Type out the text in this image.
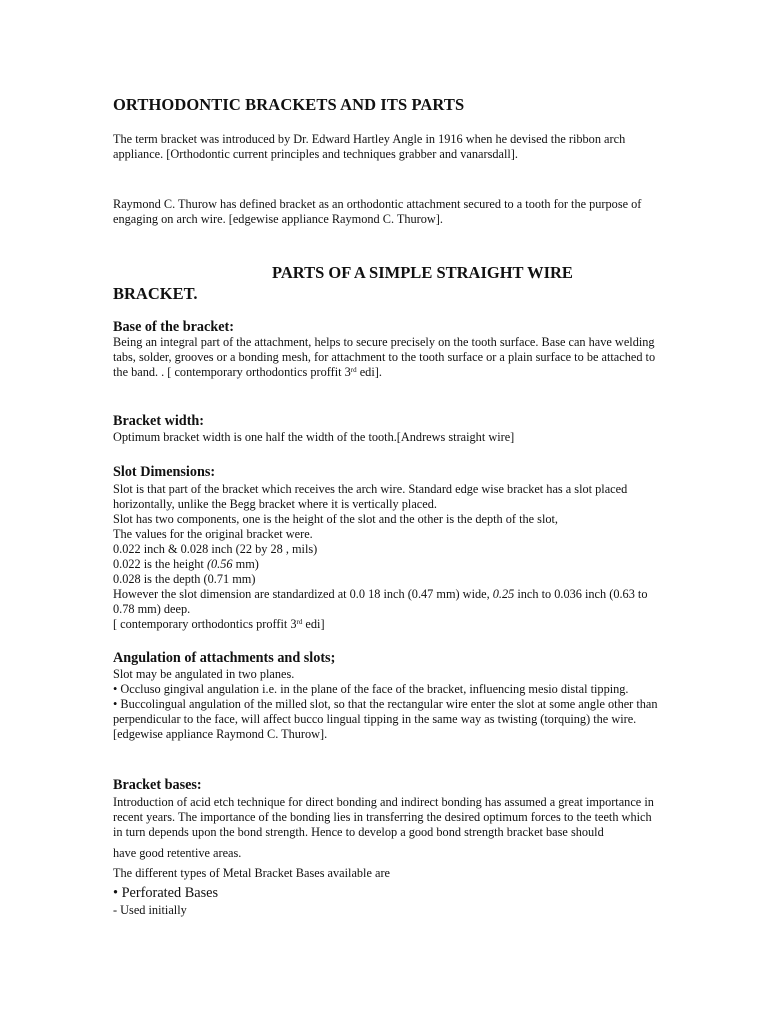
ORTHODONTIC BRACKETS AND ITS PARTS

The term bracket was introduced by Dr. Edward Hartley Angle in 1916 when he devised the ribbon arch appliance. [Orthodontic current principles and techniques grabber and vanarsdall].

Raymond C. Thurow has defined bracket as an orthodontic attachment secured to a tooth for the purpose of engaging on arch wire. [edgewise appliance Raymond C. Thurow].

PARTS OF A SIMPLE STRAIGHT WIRE
BRACKET.
Base of the bracket:

Being an integral part of the attachment, helps to secure precisely on the tooth surface. Base can have welding tabs, solder, grooves or a bonding mesh, for attachment to the tooth surface or a plain surface to be attached to the band. . [ contemporary orthodontics proffit 3rd edi].

Bracket width:

Optimum bracket width is one half the width of the tooth.[Andrews straight wire]

Slot Dimensions:
Slot is that part of the bracket which receives the arch wire. Standard edge wise bracket has a slot placed horizontally, unlike the Begg bracket where it is vertically placed.
Slot has two components, one is the height of the slot and the other is the depth of the slot,
The values for the original bracket were.
0.022 inch & 0.028 inch (22 by 28 , mils)
0.022 is the height (0.56 mm)
0.028 is the depth (0.71 mm)
However the slot dimension are standardized at 0.0 18 inch (0.47 mm) wide, 0.25 inch to 0.036 inch (0.63 to 0.78 mm) deep.
[ contemporary orthodontics proffit 3rd edi]
Angulation of attachments and slots;
Slot may be angulated in two planes.
• Occluso gingival angulation i.e. in the plane of the face of the bracket, influencing mesio distal tipping.
• Buccolingual angulation of the milled slot, so that the rectangular wire enter the slot at some angle other than perpendicular to the face, will affect bucco lingual tipping in the same way as twisting (torquing) the wire. [edgewise appliance Raymond C. Thurow].
Bracket bases:

Introduction of acid etch technique for direct bonding and indirect bonding has assumed a great importance in recent years. The importance of the bonding lies in transferring the desired optimum forces to the teeth which in turn depends upon the bond strength. Hence to develop a good bond strength bracket base should

have good retentive areas.

The different types of Metal Bracket Bases available are

• Perforated Bases

- Used initially
